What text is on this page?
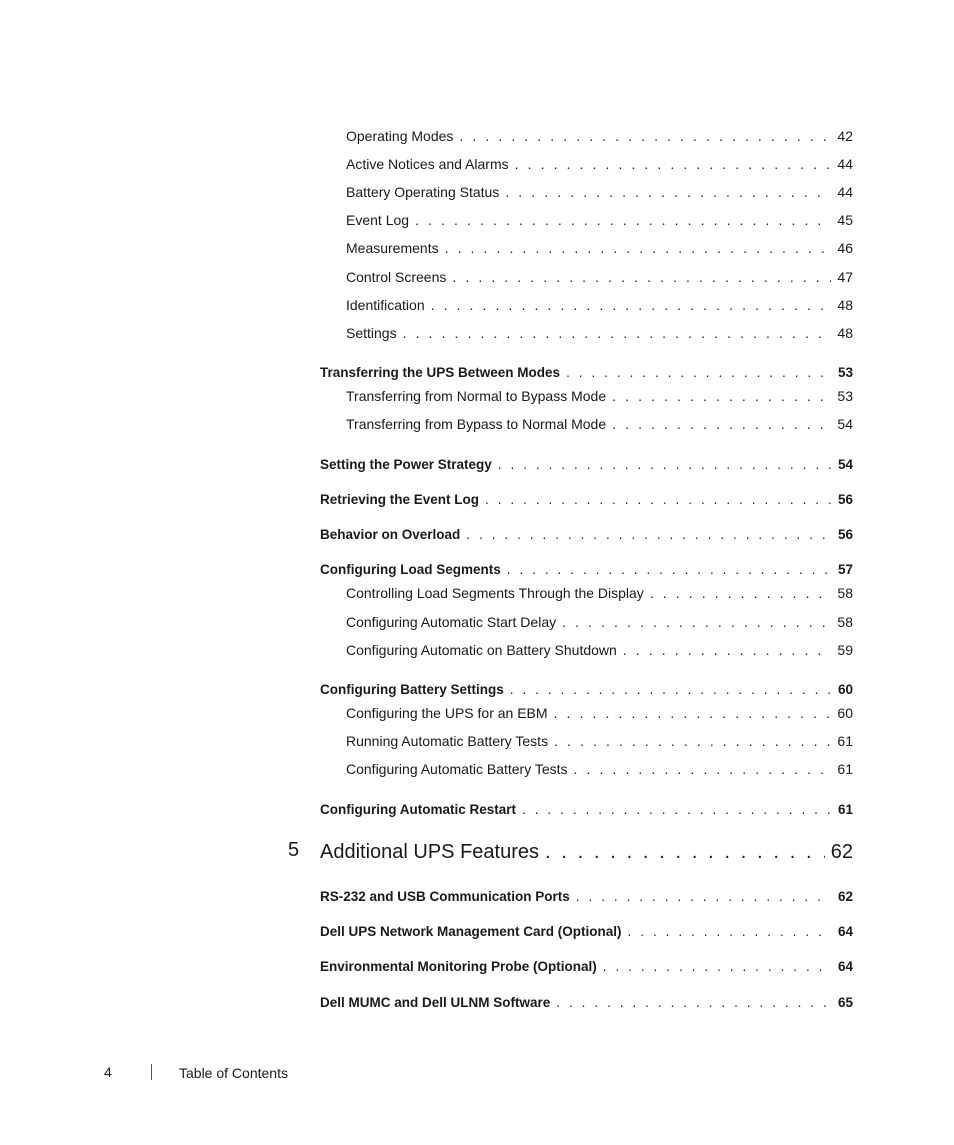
Operating Modes . . .	42
Active Notices and Alarms . . .	44
Battery Operating Status . . .	44
Event Log . . .	45
Measurements . . .	46
Control Screens . . .	47
Identification . . .	48
Settings . . .	48
Transferring the UPS Between Modes . . .	53
Transferring from Normal to Bypass Mode . . .	53
Transferring from Bypass to Normal Mode . . .	54
Setting the Power Strategy . . .	54
Retrieving the Event Log . . .	56
Behavior on Overload . . .	56
Configuring Load Segments . . .	57
Controlling Load Segments Through the Display . . .	58
Configuring Automatic Start Delay . . .	58
Configuring Automatic on Battery Shutdown . . .	59
Configuring Battery Settings . . .	60
Configuring the UPS for an EBM . . .	60
Running Automatic Battery Tests . . .	61
Configuring Automatic Battery Tests . . .	61
Configuring Automatic Restart . . .	61
5 Additional UPS Features . . .	62
RS-232 and USB Communication Ports . . .	62
Dell UPS Network Management Card (Optional) . . .	64
Environmental Monitoring Probe (Optional) . . .	64
Dell MUMC and Dell ULNM Software . . .	65
4	Table of Contents
